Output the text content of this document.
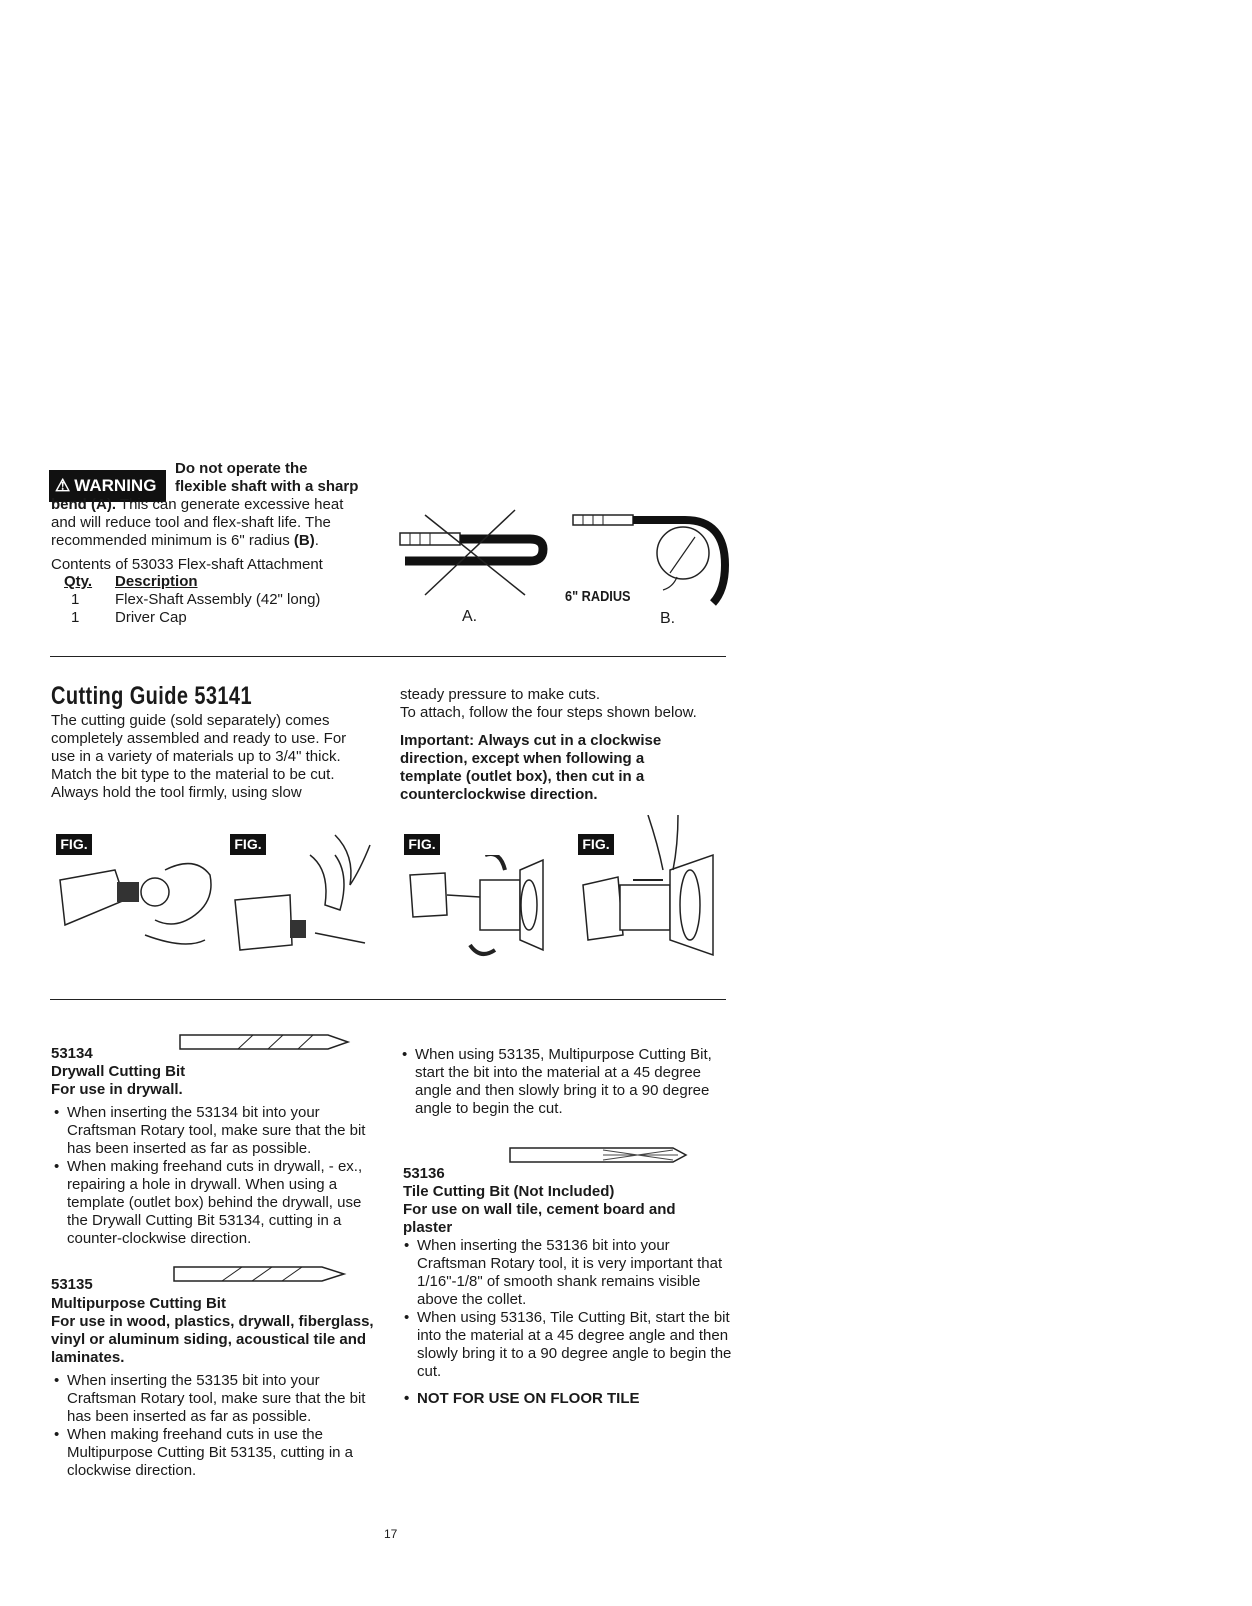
⚠ WARNING
Do not operate the
flexible shaft with a sharp
bend (A). This can generate excessive heat
and will reduce tool and flex-shaft life. The
recommended minimum is 6" radius (B).
Contents of 53033 Flex-shaft Attachment
Qty.	Description
1	Flex-Shaft Assembly (42" long)
1	Driver Cap	A.	B.
6" RADIUS
Cutting Guide 53141
The cutting guide (sold separately) comes
completely assembled and ready to use. For
use in a variety of materials up to 3/4" thick.
Match the bit type to the material to be cut.
Always hold the tool firmly, using slow
steady pressure to make cuts.
To attach, follow the four steps shown below.
Important: Always cut in a clockwise
direction, except when following a
template (outlet box), then cut in a
counterclockwise direction.
FIG. 1
FIG. 2
FIG. 3
FIG. 4
53134
Drywall Cutting Bit
For use in drywall.
• When inserting the 53134 bit into your Craftsman Rotary tool, make sure that the bit has been inserted as far as possible.
• When making freehand cuts in drywall, - ex., repairing a hole in drywall. When using a template (outlet box) behind the drywall, use the Drywall Cutting Bit 53134, cutting in a counter-clockwise direction.
53135
Multipurpose Cutting Bit
For use in wood, plastics, drywall, fiberglass, vinyl or aluminum siding, acoustical tile and laminates.
• When inserting the 53135 bit into your Craftsman Rotary tool, make sure that the bit has been inserted as far as possible.
• When making freehand cuts in use the Multipurpose Cutting Bit 53135, cutting in a clockwise direction.
• When using 53135, Multipurpose Cutting Bit, start the bit into the material at a 45 degree angle and then slowly bring it to a 90 degree angle to begin the cut.
53136
Tile Cutting Bit (Not Included)
For use on wall tile, cement board and plaster
• When inserting the 53136 bit into your Craftsman Rotary tool, it is very important that 1/16"-1/8" of smooth shank remains visible above the collet.
• When using 53136, Tile Cutting Bit, start the bit into the material at a 45 degree angle and then slowly bring it to a 90 degree angle to begin the cut.
• NOT FOR USE ON FLOOR TILE
17
